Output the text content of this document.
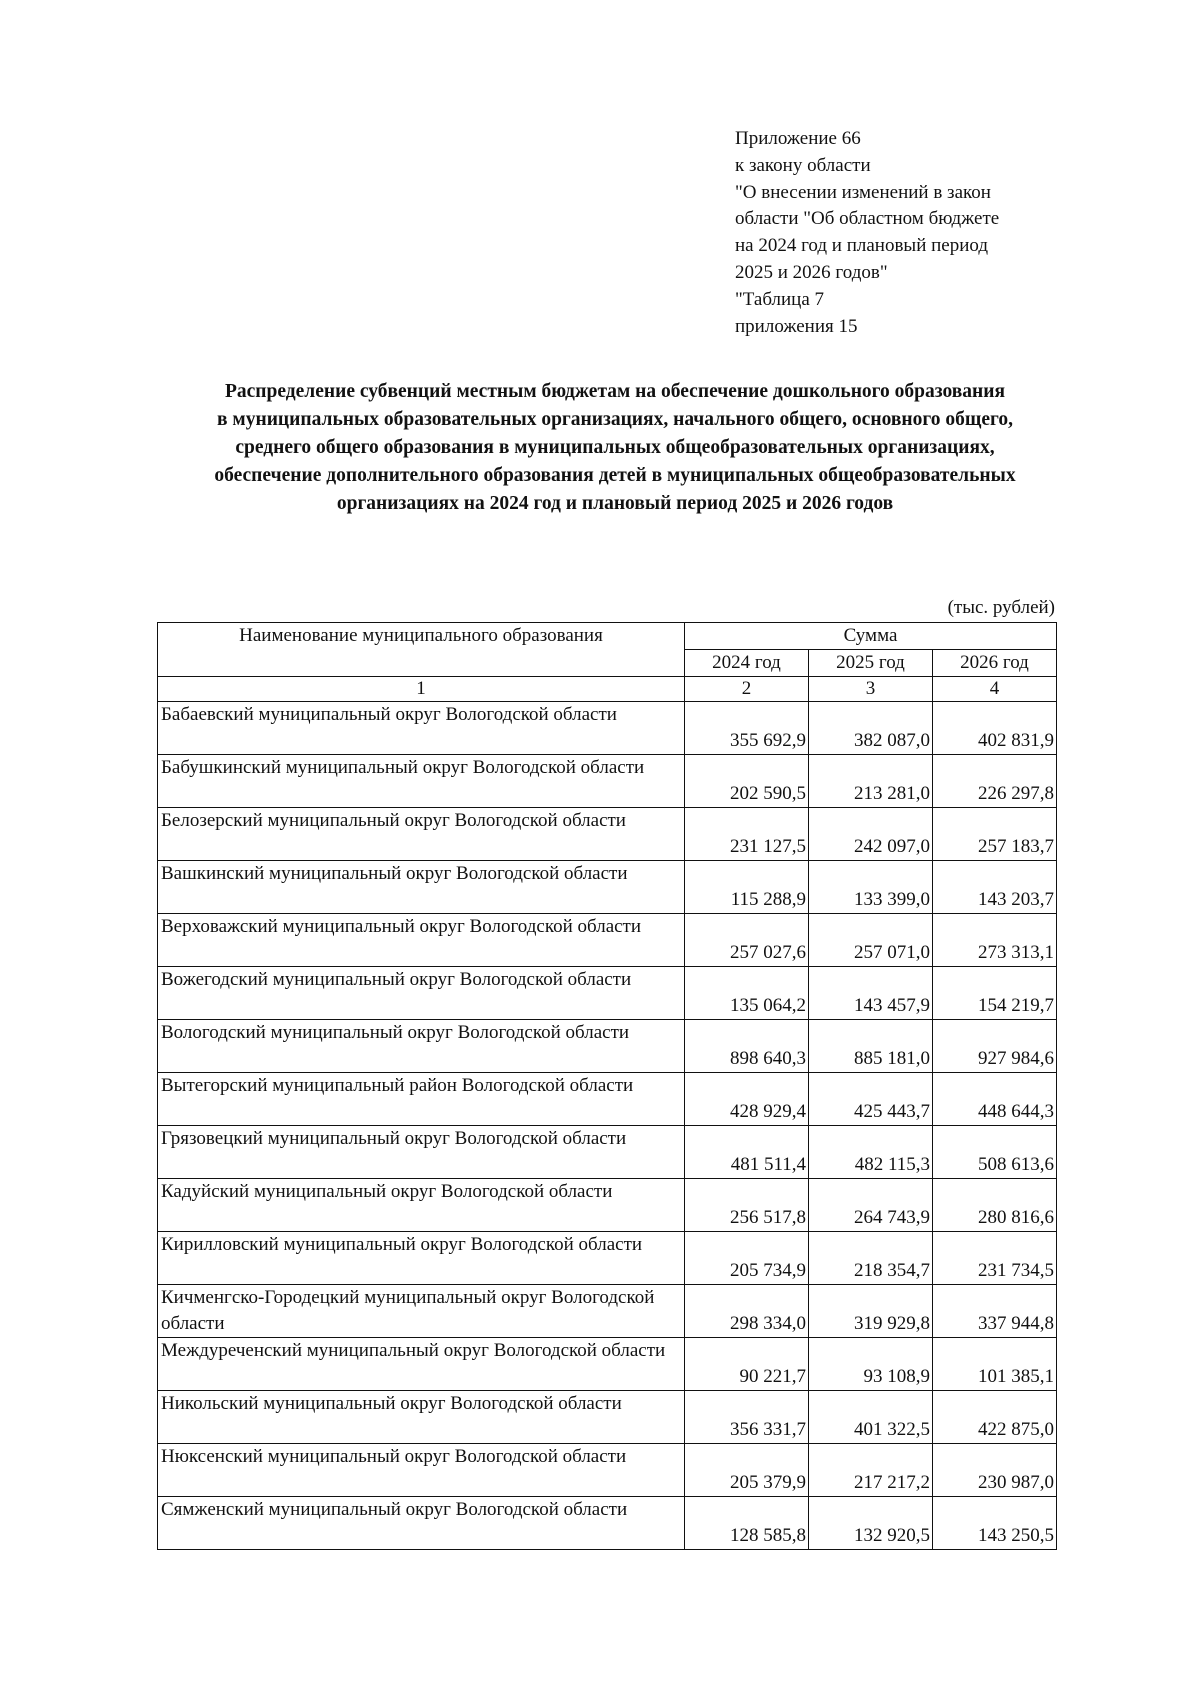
Приложение 66
к закону области
"О внесении изменений в закон
области "Об областном бюджете
на 2024 год и плановый период
2025 и 2026 годов"
"Таблица 7
приложения 15
Распределение субвенций местным бюджетам на обеспечение дошкольного образования
в муниципальных образовательных организациях, начального общего, основного общего,
среднего общего образования в муниципальных общеобразовательных организациях,
обеспечение дополнительного образования детей в муниципальных общеобразовательных
организациях на 2024 год и плановый период 2025 и 2026 годов
(тыс. рублей)
Наименование муниципального образования	Сумма		
	2024 год	2025 год	2026 год
1	2	3	4
Бабаевский муниципальный округ Вологодской области	355 692,9	382 087,0	402 831,9
Бабушкинский муниципальный округ Вологодской области	202 590,5	213 281,0	226 297,8
Белозерский муниципальный округ Вологодской области	231 127,5	242 097,0	257 183,7
Вашкинский муниципальный округ Вологодской области	115 288,9	133 399,0	143 203,7
Верховажский муниципальный округ Вологодской области	257 027,6	257 071,0	273 313,1
Вожегодский муниципальный округ Вологодской области	135 064,2	143 457,9	154 219,7
Вологодский муниципальный округ Вологодской области	898 640,3	885 181,0	927 984,6
Вытегорский муниципальный район Вологодской области	428 929,4	425 443,7	448 644,3
Грязовецкий муниципальный округ Вологодской области	481 511,4	482 115,3	508 613,6
Кадуйский муниципальный округ Вологодской области	256 517,8	264 743,9	280 816,6
Кирилловский муниципальный округ Вологодской области	205 734,9	218 354,7	231 734,5
Кичменгско-Городецкий муниципальный округ Вологодской области	298 334,0	319 929,8	337 944,8
Междуреченский муниципальный округ Вологодской области	90 221,7	93 108,9	101 385,1
Никольский муниципальный округ Вологодской области	356 331,7	401 322,5	422 875,0
Нюксенский муниципальный округ Вологодской области	205 379,9	217 217,2	230 987,0
Сямженский муниципальный округ Вологодской области	128 585,8	132 920,5	143 250,5
